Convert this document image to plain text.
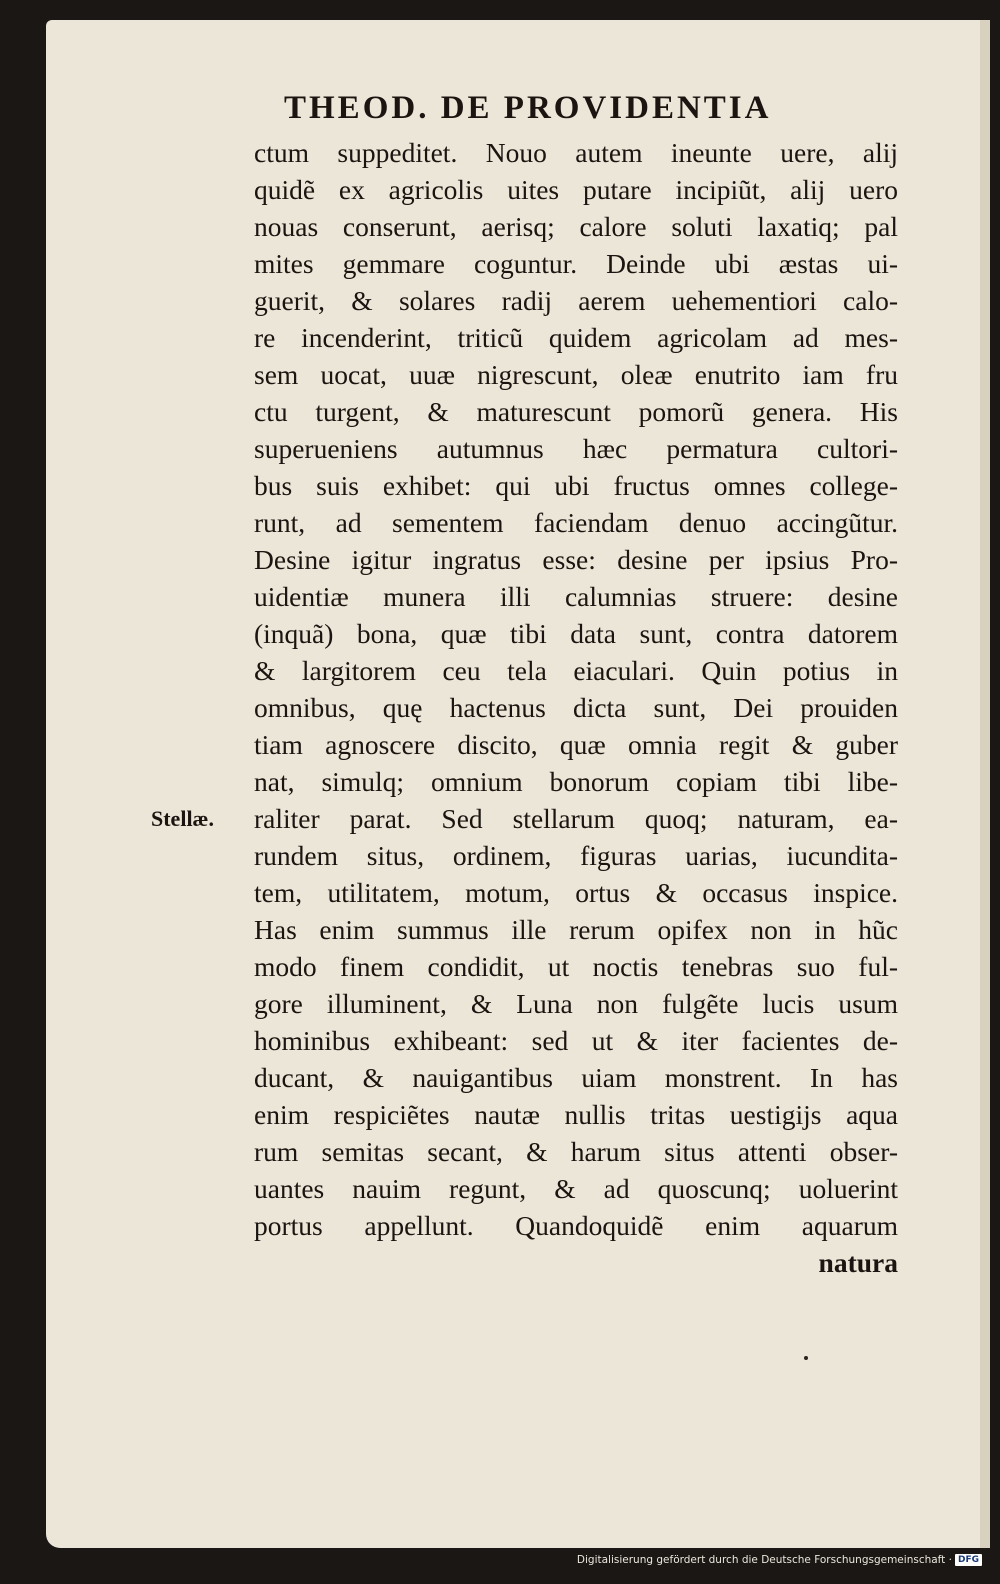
THEOD. DE PROVIDENTIA
Stellæ.
ctum suppeditet. Nouo autem ineunte uere, alij
quidẽ ex agricolis uites putare incipiũt, alij uero
nouas conserunt, aerisq; calore soluti laxatiq; pal
mites gemmare coguntur. Deinde ubi æstas ui-
guerit, & solares radij aerem uehementiori calo-
re incenderint, triticũ quidem agricolam ad mes-
sem uocat, uuæ nigrescunt, oleæ enutrito iam fru
ctu turgent, & maturescunt pomorũ genera. His
superueniens autumnus hæc permatura cultori-
bus suis exhibet: qui ubi fructus omnes college-
runt, ad sementem faciendam denuo accingũtur.
Desine igitur ingratus esse: desine per ipsius Pro-
uidentiæ munera illi calumnias struere: desine
(inquã) bona, quæ tibi data sunt, contra datorem
& largitorem ceu tela eiaculari. Quin potius in
omnibus, quę hactenus dicta sunt, Dei prouiden
tiam agnoscere discito, quæ omnia regit & guber
nat, simulq; omnium bonorum copiam tibi libe-
raliter parat. Sed stellarum quoq; naturam, ea-
rundem situs, ordinem, figuras uarias, iucundita-
tem, utilitatem, motum, ortus & occasus inspice.
Has enim summus ille rerum opifex non in hũc
modo finem condidit, ut noctis tenebras suo ful-
gore illuminent, & Luna non fulgẽte lucis usum
hominibus exhibeant: sed ut & iter facientes de-
ducant, & nauigantibus uiam monstrent. In has
enim respiciẽtes nautæ nullis tritas uestigijs aqua
rum semitas secant, & harum situs attenti obser-
uantes nauim regunt, & ad quoscunq; uoluerint
portus appellunt. Quandoquidẽ enim aquarum
natura
Digitalisierung gefördert durch die Deutsche Forschungsgemeinschaft · DFG
